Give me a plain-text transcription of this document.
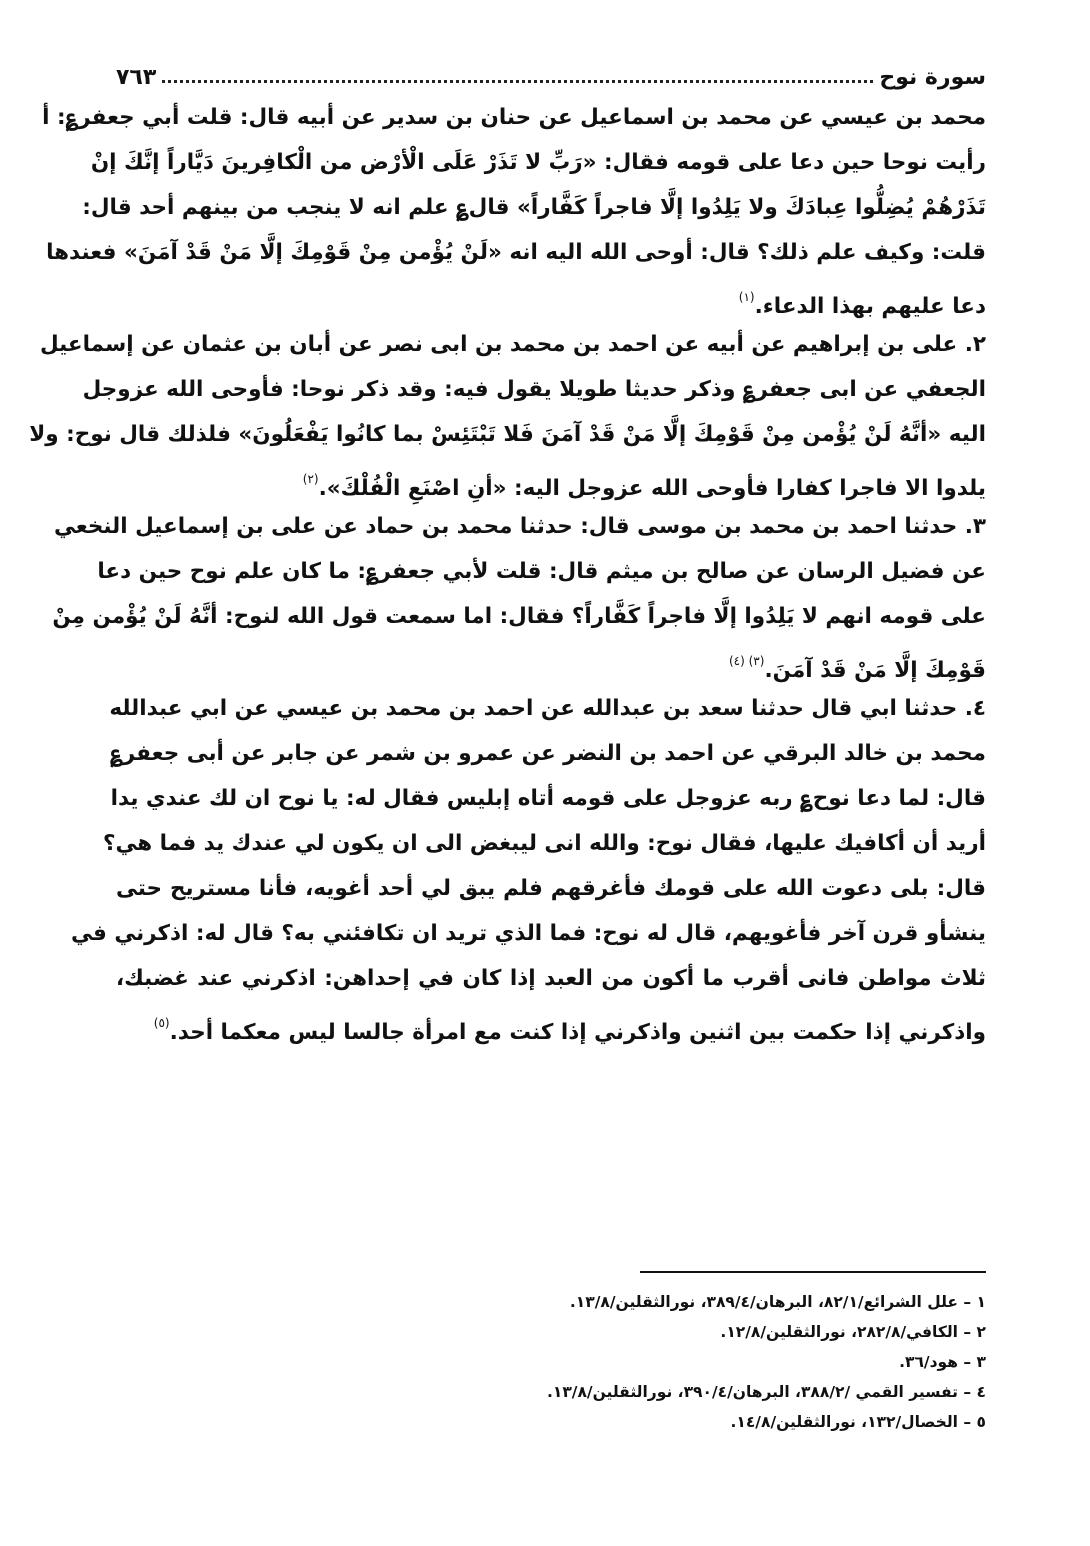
سورة نوح
٧٦٣
محمد بن عيسي عن محمد بن اسماعيل عن حنان بن سدير عن أبيه قال: قلت أبي جعفر؏: أ
رأيت نوحا حين دعا على قومه فقال: «رَبِّ لا تَذَرْ عَلَى الْأرْض من الْكافِرينَ دَيَّاراً إنَّكَ إنْ
تَذَرْهُمْ يُضِلُّوا عِبادَكَ ولا يَلِدُوا إلَّا فاجراً كَفَّاراً» قال؏ علم انه لا ينجب من بينهم أحد قال:
قلت: وكيف علم ذلك؟ قال: أوحى الله اليه انه «لَنْ يُؤْمن مِنْ قَوْمِكَ إلَّا مَنْ قَدْ آمَنَ» فعندها
دعا عليهم بهذا الدعاء.$^{(١)}$
٢. على بن إبراهيم عن أبيه عن احمد بن محمد بن ابى نصر عن أبان بن عثمان عن إسماعيل
الجعفي عن ابى جعفر؏ وذكر حديثا طويلا يقول فيه: وقد ذكر نوحا: فأوحى الله عزوجل
اليه «أنَّهُ لَنْ يُؤْمن مِنْ قَوْمِكَ إلَّا مَنْ قَدْ آمَنَ فَلا تَبْتَئِسْ بما كانُوا يَفْعَلُونَ» فلذلك قال نوح: ولا
يلدوا الا فاجرا كفارا فأوحى الله عزوجل اليه: «أنِ اصْنَعِ الْفُلْكَ».$^{(٢)}$
٣. حدثنا احمد بن محمد بن موسى قال: حدثنا محمد بن حماد عن على بن إسماعيل النخعي
عن فضيل الرسان عن صالح بن ميثم قال: قلت لأبي جعفر؏: ما كان علم نوح حين دعا
على قومه انهم لا يَلِدُوا إلَّا فاجراً كَفَّاراً؟ فقال: اما سمعت قول الله لنوح: أنَّهُ لَنْ يُؤْمن مِنْ
قَوْمِكَ إلَّا مَنْ قَدْ آمَنَ.$^{(٣) (٤)}$
٤. حدثنا ابي قال حدثنا سعد بن عبدالله عن احمد بن محمد بن عيسي عن ابي عبدالله
محمد بن خالد البرقي عن احمد بن النضر عن عمرو بن شمر عن جابر عن أبى جعفر؏
قال: لما دعا نوح؏ ربه عزوجل على قومه أتاه إبليس فقال له: يا نوح ان لك عندي يدا
أريد أن أكافيك عليها، فقال نوح: والله انى ليبغض الى ان يكون لي عندك يد فما هي؟
قال: بلى دعوت الله على قومك فأغرقهم فلم يبق لي أحد أغويه، فأنا مستريح حتى
ينشأو قرن آخر فأغويهم، قال له نوح: فما الذي تريد ان تكافئني به؟ قال له: اذكرني في
ثلاث مواطن فانى أقرب ما أكون من العبد إذا كان في إحداهن: اذكرني عند غضبك،
واذكرني إذا حكمت بين اثنين واذكرني إذا كنت مع امرأة جالسا ليس معكما أحد.$^{(٥)}$
١ – علل الشرائع/٨٢/١، البرهان/٣٨٩/٤، نورالثقلين/١٣/٨.
٢ – الكافي/٢٨٢/٨، نورالثقلين/١٢/٨.
٣ – هود/٣٦.
٤ – تفسير القمي /٣٨٨/٢، البرهان/٣٩٠/٤، نورالثقلين/١٣/٨.
٥ – الخصال/١٣٢، نورالثقلين/١٤/٨.
